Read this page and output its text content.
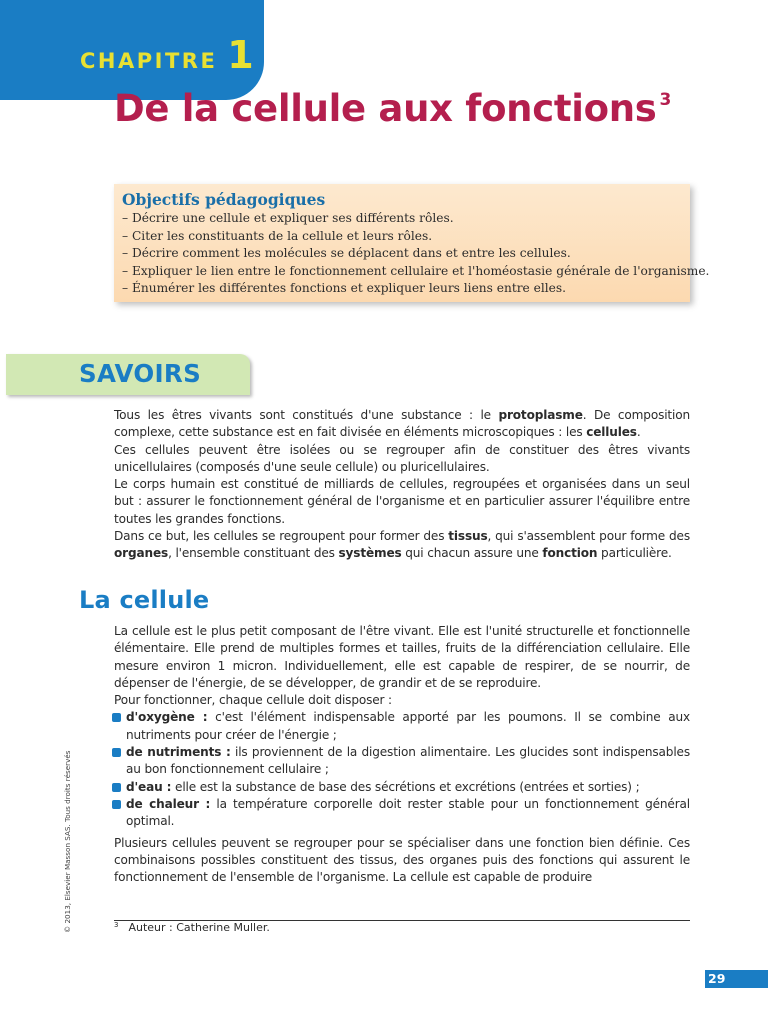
CHAPITRE 1
De la cellule aux fonctions $^3$
Objectifs pédagogiques
– Décrire une cellule et expliquer ses différents rôles.
– Citer les constituants de la cellule et leurs rôles.
– Décrire comment les molécules se déplacent dans et entre les cellules.
– Expliquer le lien entre le fonctionnement cellulaire et l'homéostasie générale de l'organisme.
– Énumérer les différentes fonctions et expliquer leurs liens entre elles.
SAVOIRS

Tous les êtres vivants sont constitués d'une substance : le protoplasme. De composition complexe, cette substance est en fait divisée en éléments microscopiques : les cellules.

Ces cellules peuvent être isolées ou se regrouper afin de constituer des êtres vivants unicellulaires (composés d'une seule cellule) ou pluricellulaires.

Le corps humain est constitué de milliards de cellules, regroupées et organisées dans un seul but : assurer le fonctionnement général de l'organisme et en particulier assurer l'équilibre entre toutes les grandes fonctions.

Dans ce but, les cellules se regroupent pour former des tissus, qui s'assemblent pour forme des organes, l'ensemble constituant des systèmes qui chacun assure une fonction particulière.

La cellule

La cellule est le plus petit composant de l'être vivant. Elle est l'unité structurelle et fonctionnelle élémentaire. Elle prend de multiples formes et tailles, fruits de la différenciation cellulaire. Elle mesure environ 1 micron. Individuellement, elle est capable de respirer, de se nourrir, de dépenser de l'énergie, de se développer, de grandir et de se reproduire.

Pour fonctionner, chaque cellule doit disposer :

d'oxygène : c'est l'élément indispensable apporté par les poumons. Il se combine aux nutriments pour créer de l'énergie ;
de nutriments : ils proviennent de la digestion alimentaire. Les glucides sont indispensables au bon fonctionnement cellulaire ;
d'eau : elle est la substance de base des sécrétions et excrétions (entrées et sorties) ;
de chaleur : la température corporelle doit rester stable pour un fonctionnement général optimal.

Plusieurs cellules peuvent se regrouper pour se spécialiser dans une fonction bien définie. Ces combinaisons possibles constituent des tissus, des organes puis des fonctions qui assurent le fonctionnement de l'ensemble de l'organisme. La cellule est capable de produire

© 2013, Elsevier Masson SAS. Tous droits réservés	$^3$ Auteur : Catherine Muller.
29
